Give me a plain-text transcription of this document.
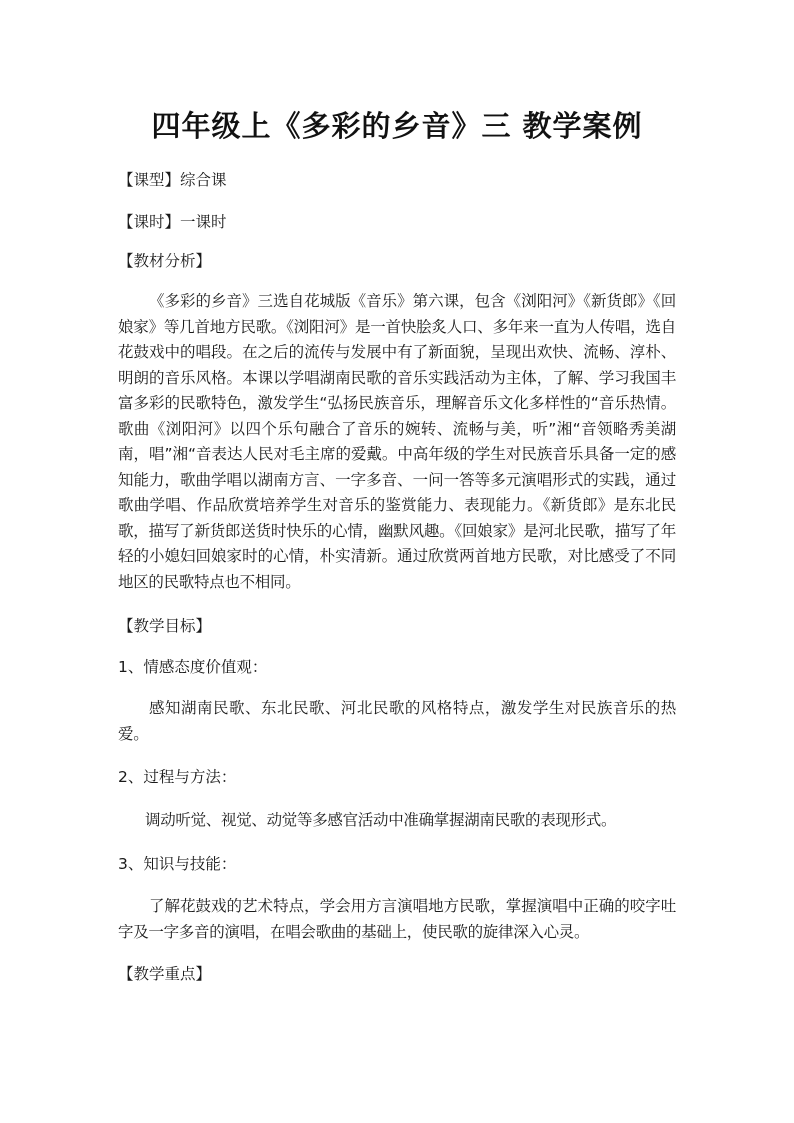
四年级上《多彩的乡音》三 教学案例

【课型】综合课

【课时】一课时

【教材分析】

《多彩的乡音》三选自花城版《音乐》第六课，包含《浏阳河》《新货郎》《回娘家》等几首地方民歌。《浏阳河》是一首快脍炙人口、多年来一直为人传唱，选自花鼓戏中的唱段。在之后的流传与发展中有了新面貌，呈现出欢快、流畅、淳朴、明朗的音乐风格。本课以学唱湖南民歌的音乐实践活动为主体，了解、学习我国丰富多彩的民歌特色，激发学生“弘扬民族音乐，理解音乐文化多样性的“音乐热情。歌曲《浏阳河》以四个乐句融合了音乐的婉转、流畅与美，听”湘“音领略秀美湖南，唱”湘“音表达人民对毛主席的爱戴。中高年级的学生对民族音乐具备一定的感知能力，歌曲学唱以湖南方言、一字多音、一问一答等多元演唱形式的实践，通过歌曲学唱、作品欣赏培养学生对音乐的鉴赏能力、表现能力。《新货郎》是东北民歌，描写了新货郎送货时快乐的心情，幽默风趣。《回娘家》是河北民歌，描写了年轻的小媳妇回娘家时的心情，朴实清新。通过欣赏两首地方民歌，对比感受了不同地区的民歌特点也不相同。

【教学目标】

1、情感态度价值观：

感知湖南民歌、东北民歌、河北民歌的风格特点，激发学生对民族音乐的热爱。

2、过程与方法：

调动听觉、视觉、动觉等多感官活动中准确掌握湖南民歌的表现形式。

3、知识与技能：

了解花鼓戏的艺术特点，学会用方言演唱地方民歌，掌握演唱中正确的咬字吐字及一字多音的演唱，在唱会歌曲的基础上，使民歌的旋律深入心灵。

【教学重点】
